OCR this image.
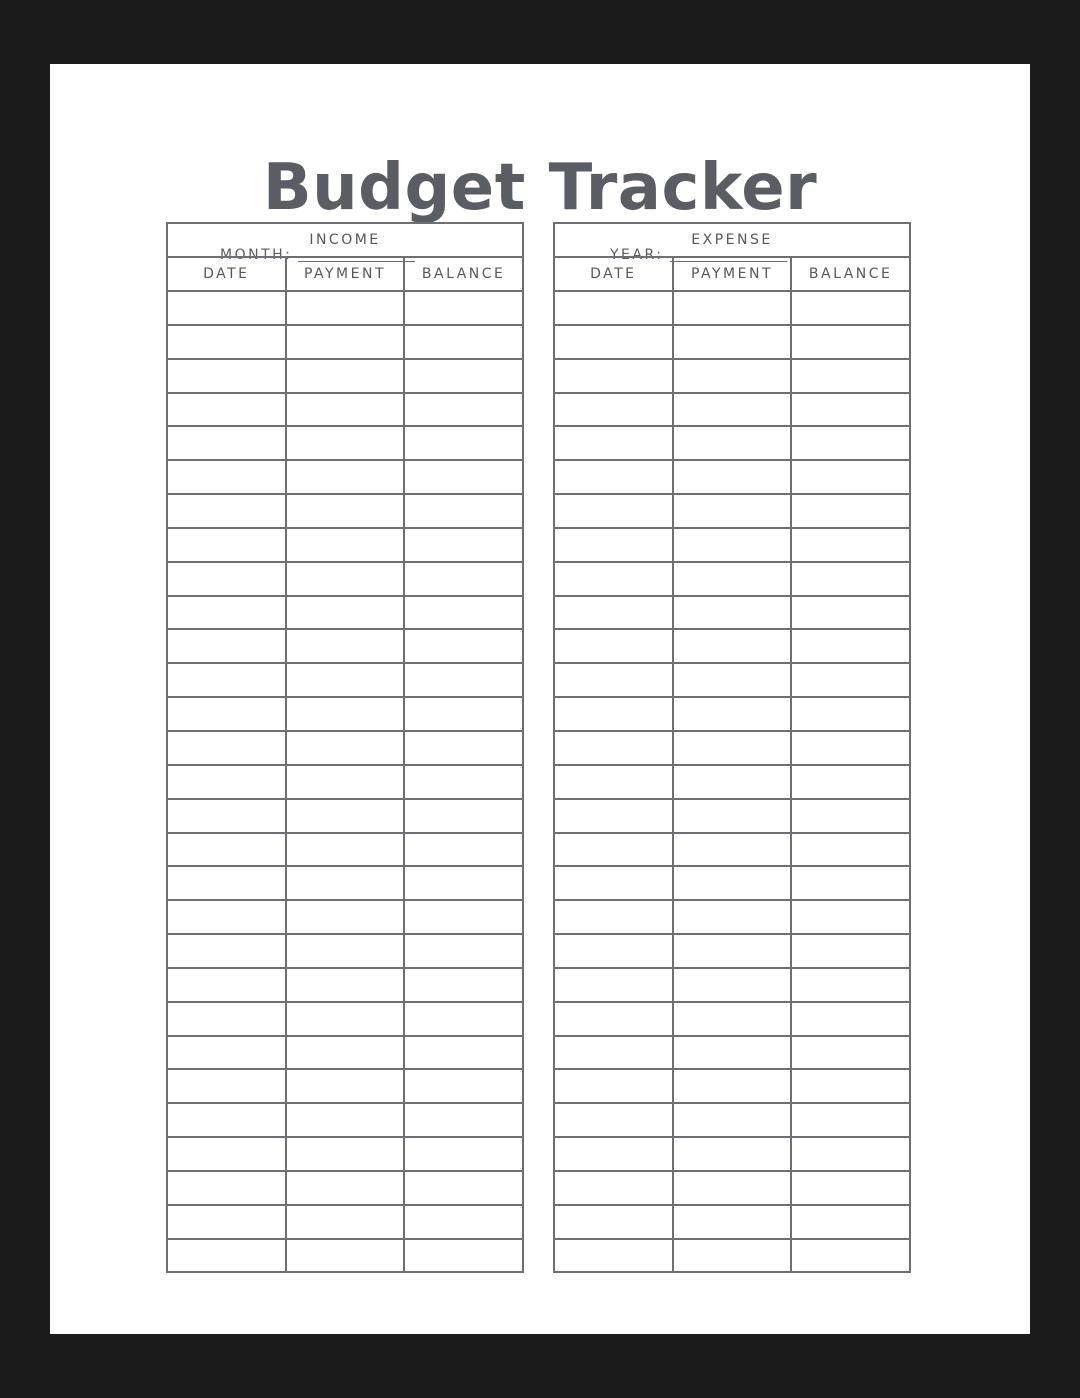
Budget Tracker
MONTH:	YEAR:
INCOME		
DATE	PAYMENT	BALANCE

EXPENSE		
DATE	PAYMENT	BALANCE
